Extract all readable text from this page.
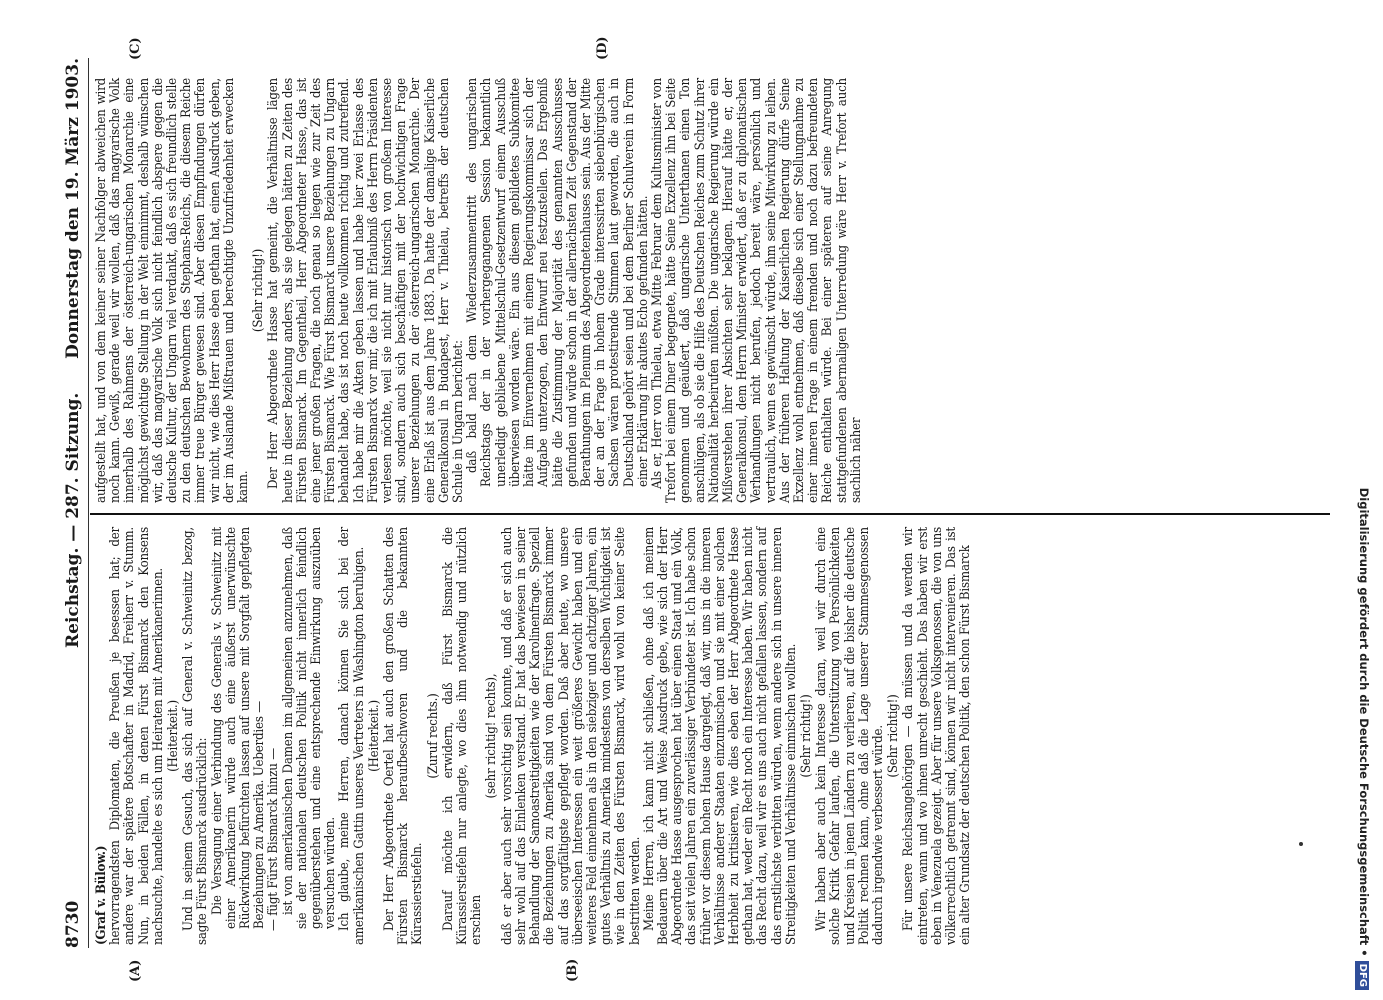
8730
Reichstag. — 287. Sitzung.
Donnerstag den 19. März 1903.
(A)	(B)
(C)	(D)

(Graf v. Bülow.) hervorragendsten Diplomaten, die Preußen je besessen hat; der andere war der spätere Botschafter in Madrid, Freiherr v. Stumm. Nun, in beiden Fällen, in denen Fürst Bismarck den Konsens nachsuchte, handelte es sich um Heiraten mit Amerikanerinnen. (Heiterkeit.) Und in seinem Gesuch, das sich auf General v. Schweinitz bezog, sagte Fürst Bismarck ausdrücklich: Die Versagung einer Verbindung des Generals v. Schweinitz mit einer Amerikanerin würde auch eine äußerst unerwünschte Rückwirkung befürchten lassen auf unsere mit Sorgfalt gepflegten Beziehungen zu Amerika. Ueberdies — — fügt Fürst Bismarck hinzu — ist von amerikanischen Damen im allgemeinen anzunehmen, daß sie der nationalen deutschen Politik nicht innerlich feindlich gegenüberstehen und eine entsprechende Einwirkung auszuüben versuchen würden. Ich glaube, meine Herren, danach können Sie sich bei der amerikanischen Gattin unseres Vertreters in Washington beruhigen. (Heiterkeit.) Der Herr Abgeordnete Oertel hat auch den großen Schatten des Fürsten Bismarck heraufbeschworen und die bekannten Kürassierstiefeln.

(Zuruf rechts.) Darauf möchte ich erwidern, daß Fürst Bismarck die Kürassierstiefeln nur anlegte, wo dies ihm notwendig und nützlich erschien

(sehr richtig! rechts), daß er aber auch sehr vorsichtig sein konnte, und daß er sich auch sehr wohl auf das Einlenken verstand. Er hat das bewiesen in seiner Behandlung der Samoastreitigkeiten wie der Karolinenfrage. Speziell die Beziehungen zu Amerika sind von dem Fürsten Bismarck immer auf das sorgfältigste gepflegt worden. Daß aber heute, wo unsere überseeischen Interessen ein weit größeres Gewicht haben und ein weiteres Feld einnehmen als in den siebziger und achtziger Jahren, ein gutes Verhältnis zu Amerika mindestens von derselben Wichtigkeit ist wie in den Zeiten des Fürsten Bismarck, wird wohl von keiner Seite bestritten werden. Meine Herren, ich kann nicht schließen, ohne daß ich meinem Bedauern über die Art und Weise Ausdruck gebe, wie sich der Herr Abgeordnete Hasse ausgesprochen hat über einen Staat und ein Volk, das seit vielen Jahren ein zuverlässiger Verbündeter ist. Ich habe schon früher vor diesem hohen Hause dargelegt, daß wir, uns in die inneren Verhältnisse anderer Staaten einzumischen und sie mit einer solchen Herbheit zu kritisieren, wie dies eben der Herr Abgeordnete Hasse gethan hat, weder ein Recht noch ein Interesse haben. Wir haben nicht das Recht dazu, weil wir es uns auch nicht gefallen lassen, sondern auf das ernstlichste verbitten würden, wenn andere sich in unsere inneren Streitigkeiten und Verhältnisse einmischen wollten. (Sehr richtig!) Wir haben aber auch kein Interesse daran, weil wir durch eine solche Kritik Gefahr laufen, die Unterstützung von Persönlichkeiten und Kreisen in jenen Ländern zu verlieren, auf die bisher die deutsche Politik rechnen kann, ohne daß die Lage unserer Stammesgenossen dadurch irgendwie verbessert würde. (Sehr richtig!) Für unsere Reichsangehörigen — da müssen und da werden wir eintreten, wann und wo ihnen unrecht geschieht. Das haben wir erst eben in Venezuela gezeigt. Aber für unsere Volksgenossen, die von uns völkerrechtlich getrennt sind, können wir nicht intervenieren. Das ist ein alter Grundsatz der deutschen Politik, den schon Fürst Bismarck

aufgestellt hat, und von dem keiner seiner Nachfolger abweichen wird noch kann. Gewiß, gerade weil wir wollen, daß das magyarische Volk innerhalb des Rahmens der österreich-ungarischen Monarchie eine möglichst gewichtige Stellung in der Welt einnimmt, deshalb wünschen wir, daß das magyarische Volk sich nicht feindlich abspere gegen die deutsche Kultur, der Ungarn viel verdankt, daß es sich freundlich stelle zu den deutschen Bewohnern des Stephans-Reichs, die diesem Reiche immer treue Bürger gewesen sind. Aber diesen Empfindungen dürfen wir nicht, wie dies Herr Hasse eben gethan hat, einen Ausdruck geben, der im Auslande Mißtrauen und berechtigte Unzufriedenheit erwecken kann.

(Sehr richtig!) Der Herr Abgeordnete Hasse hat gemeint, die Verhältnisse lägen heute in dieser Beziehung anders, als sie gelegen hätten zu Zeiten des Fürsten Bismarck. Im Gegentheil, Herr Abgeordneter Hasse, das ist eine jener großen Fragen, die noch genau so liegen wie zur Zeit des Fürsten Bismarck. Wie Fürst Bismarck unsere Beziehungen zu Ungarn behandelt habe, das ist noch heute vollkommen richtig und zutreffend. Ich habe mir die Akten geben lassen und habe hier zwei Erlasse des Fürsten Bismarck vor mir, die ich mit Erlaubniß des Herrn Präsidenten verlesen möchte, weil sie nicht nur historisch von großem Interesse sind, sondern auch sich beschäftigen mit der hochwichtigen Frage unserer Beziehungen zu der österreich-ungarischen Monarchie. Der eine Erlaß ist aus dem Jahre 1883. Da hatte der damalige Kaiserliche Generalkonsul in Budapest, Herr v. Thielau, betreffs der deutschen Schule in Ungarn berichtet: daß bald nach dem Wiederzusammentritt des ungarischen Reichstags der in der vorhergegangenen Session bekanntlich unerledigt gebliebene Mittelschul-Gesetzentwurf einem Ausschuß überwiesen worden wäre. Ein aus diesem gebildetes Subkomitee hätte im Einvernehmen mit einem Regierungskommissar sich der Aufgabe unterzogen, den Entwurf neu festzustellen. Das Ergebniß hätte die Zustimmung der Majorität des genannten Ausschusses gefunden und würde schon in der allernächsten Zeit Gegenstand der Berathungen im Plenum des Abgeordnetenhauses sein. Aus der Mitte der an der Frage in hohem Grade interessirten siebenbürgischen Sachsen wären protestirende Stimmen laut geworden, die auch in Deutschland gehört seien und bei dem Berliner Schulverein in Form einer Erklärung ihr akutes Echo gefunden hätten. Als er, Herr von Thielau, etwa Mitte Februar dem Kultusminister von Trefort bei einem Diner begegnete, hätte Seine Exzellenz ihn bei Seite genommen und geäußert, daß ungarische Unterthanen einen Ton anschlügen, als ob sie die Hilfe des Deutschen Reiches zum Schutz ihrer Nationalität herbeirufen müßten. Die ungarische Regierung würde ein Mißverstehen ihrer Absichten sehr beklagen. Hierauf hätte er, der Generalkonsul, dem Herrn Minister erwidert, daß er zu diplomatischen Verhandlungen nicht berufen, jedoch bereit wäre, persönlich und vertraulich, wenn es gewünscht würde, ihm seine Mitwirkung zu leihen. Aus der früheren Haltung der Kaiserlichen Regierung dürfe Seine Exzellenz wohl entnehmen, daß dieselbe sich einer Stellungnahme zu einer inneren Frage in einem fremden und noch dazu befreundeten Reiche enthalten würde. Bei einer späteren auf seine Anregung stattgefundenen abermaligen Unterredung wäre Herr v. Trefort auch sachlich näher

Digitalisierung gefördert durch die Deutsche Forschungsgemeinschaft •DFG
